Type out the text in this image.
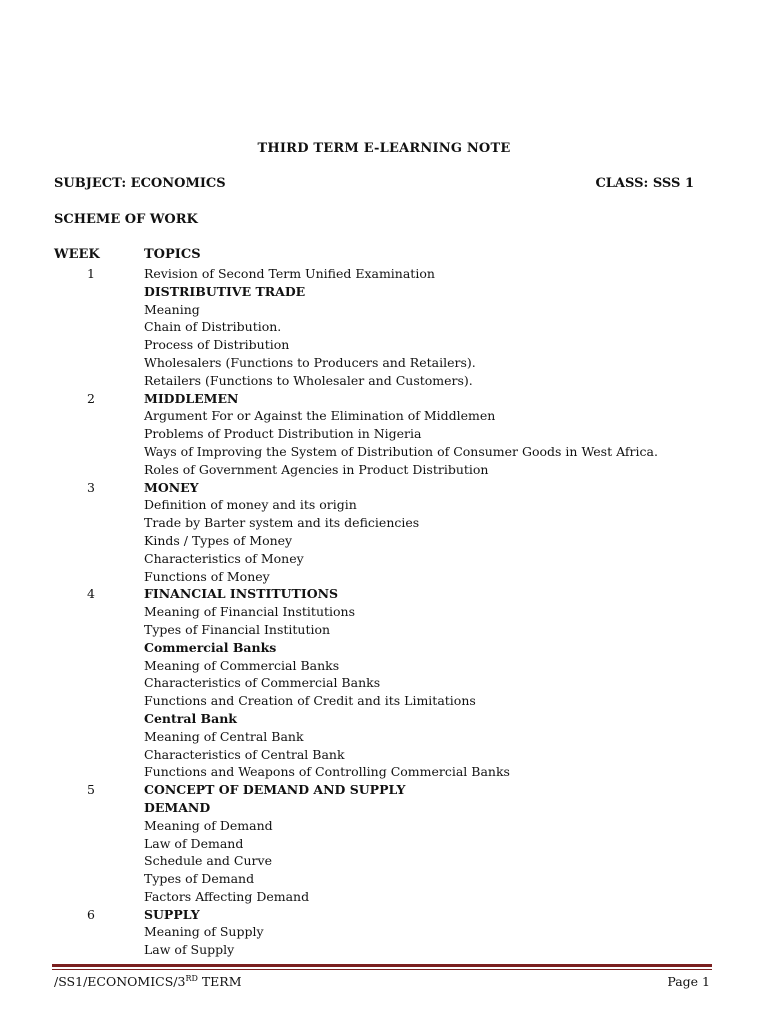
THIRD TERM E-LEARNING NOTE
SUBJECT: ECONOMICS	CLASS: SSS 1
SCHEME OF WORK
WEEK	TOPICS
1	Revision of Second Term Unified Examination
DISTRIBUTIVE TRADE
Meaning
Chain of Distribution.
Process of Distribution
Wholesalers (Functions to Producers and Retailers).
Retailers (Functions to Wholesaler and Customers).
2	MIDDLEMEN
Argument For or Against the Elimination of Middlemen
Problems of Product Distribution in Nigeria
Ways of Improving the System of Distribution of Consumer Goods in West Africa.
Roles of Government Agencies in Product Distribution
3	MONEY
Definition of money and its origin
Trade by Barter system and its deficiencies
Kinds / Types of Money
Characteristics of Money
Functions of Money
4	FINANCIAL INSTITUTIONS
Meaning of Financial Institutions
Types of Financial Institution
Commercial Banks
Meaning of Commercial Banks
Characteristics of Commercial Banks
Functions and Creation of Credit and its Limitations
Central Bank
Meaning of Central Bank
Characteristics of Central Bank
Functions and Weapons of Controlling Commercial Banks
5	CONCEPT OF DEMAND AND SUPPLY
DEMAND
Meaning of Demand
Law of Demand
Schedule and Curve
Types of Demand
Factors Affecting Demand
6	SUPPLY
Meaning of Supply
Law of Supply
/SS1/ECONOMICS/3RD TERM	Page 1
